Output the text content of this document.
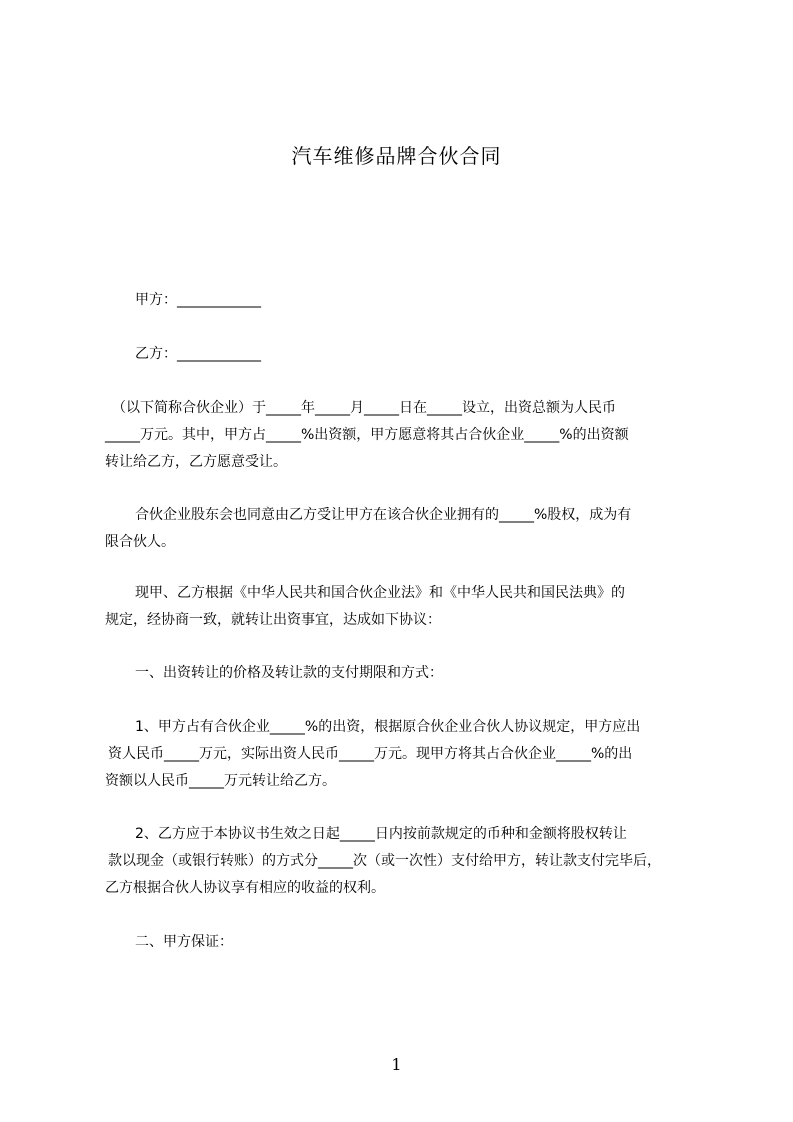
汽车维修品牌合伙合同
甲方：____________
乙方：____________
（以下简称合伙企业）于_____年_____月_____日在_____设立，出资总额为人民币
_____万元。其中，甲方占_____%出资额，甲方愿意将其占合伙企业_____%的出资额
转让给乙方，乙方愿意受让。
合伙企业股东会也同意由乙方受让甲方在该合伙企业拥有的_____%股权，成为有
限合伙人。
现甲、乙方根据《中华人民共和国合伙企业法》和《中华人民共和国民法典》的
规定，经协商一致，就转让出资事宜，达成如下协议：
一、出资转让的价格及转让款的支付期限和方式：
1、甲方占有合伙企业_____%的出资，根据原合伙企业合伙人协议规定，甲方应出
资人民币_____万元，实际出资人民币_____万元。现甲方将其占合伙企业_____%的出
资额以人民币_____万元转让给乙方。
2、乙方应于本协议书生效之日起_____日内按前款规定的币种和金额将股权转让
款以现金（或银行转账）的方式分_____次（或一次性）支付给甲方，转让款支付完毕后，
乙方根据合伙人协议享有相应的收益的权利。
二、甲方保证：
1
